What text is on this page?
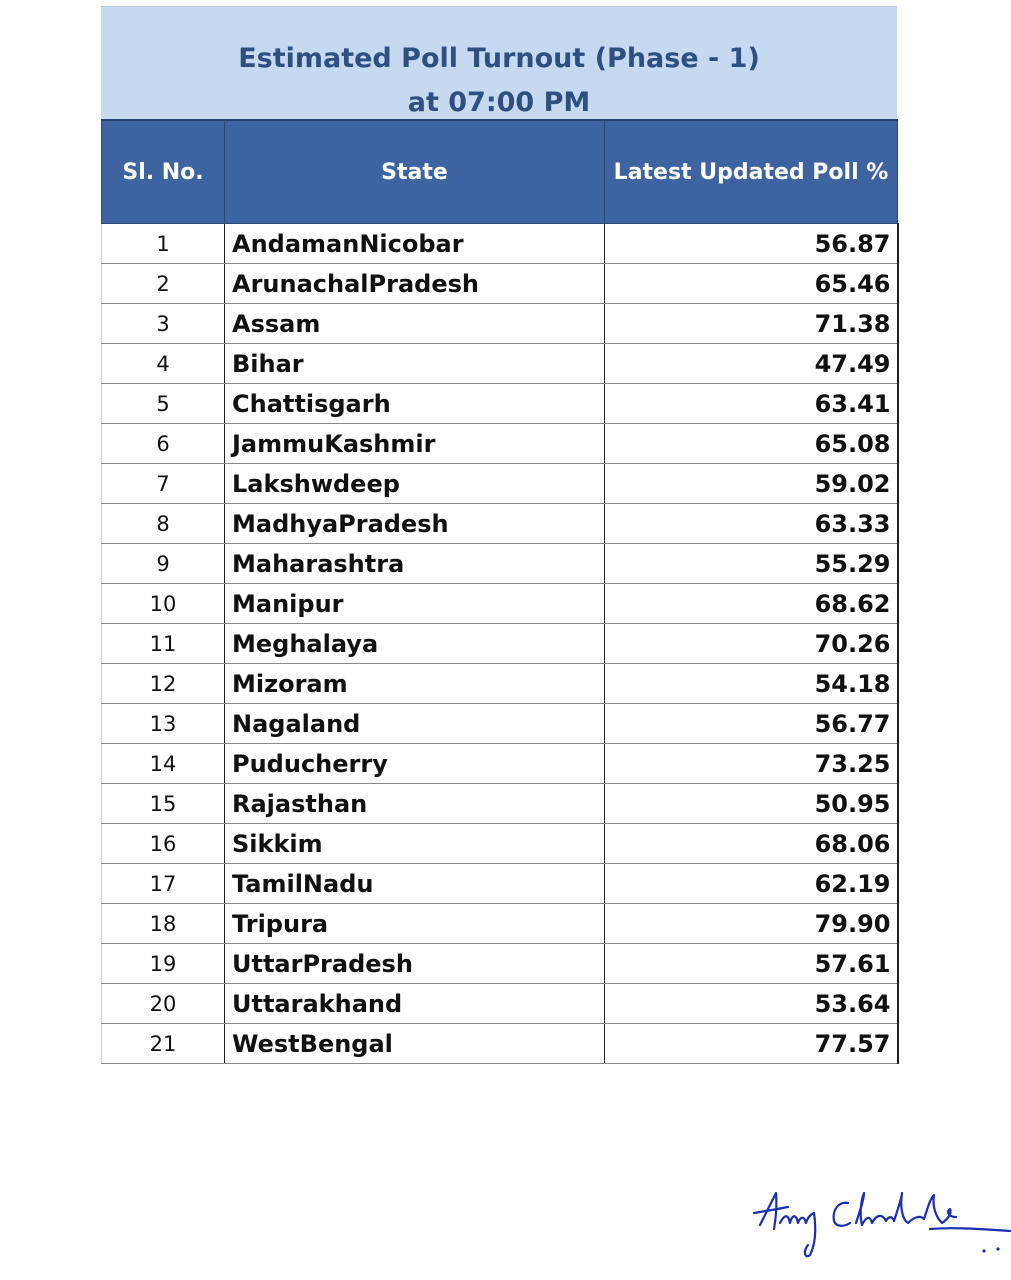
Estimated Poll Turnout (Phase - 1)
at 07:00 PM
Sl. No.	State	Latest Updated Poll %
1	AndamanNicobar	56.87
2	ArunachalPradesh	65.46
3	Assam	71.38
4	Bihar	47.49
5	Chattisgarh	63.41
6	JammuKashmir	65.08
7	Lakshwdeep	59.02
8	MadhyaPradesh	63.33
9	Maharashtra	55.29
10	Manipur	68.62
11	Meghalaya	70.26
12	Mizoram	54.18
13	Nagaland	56.77
14	Puducherry	73.25
15	Rajasthan	50.95
16	Sikkim	68.06
17	TamilNadu	62.19
18	Tripura	79.90
19	UttarPradesh	57.61
20	Uttarakhand	53.64
21	WestBengal	77.57
